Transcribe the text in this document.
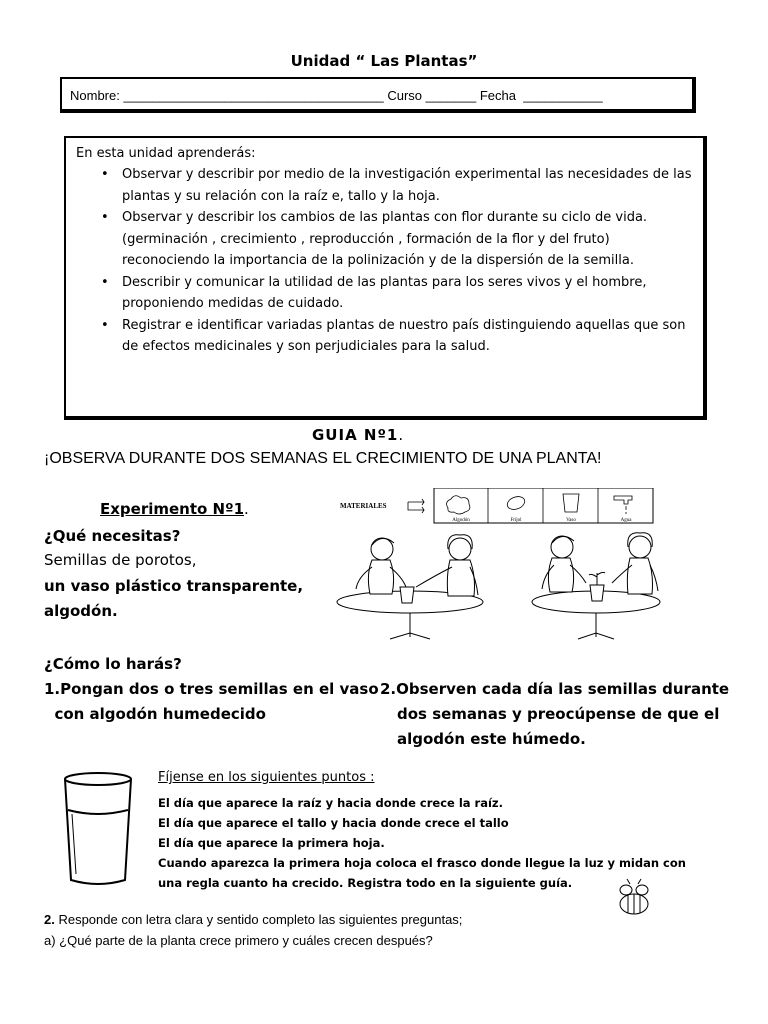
Unidad “ Las Plantas”
Nombre: ____________________________________ Curso _______ Fecha  ___________
En esta unidad aprenderás:
• Observar y describir por medio de la investigación experimental las necesidades de las plantas y su relación con la raíz e, tallo y la hoja.
• Observar y describir los cambios de las plantas con flor durante su ciclo de vida. (germinación , crecimiento , reproducción , formación de la flor y del fruto) reconociendo la importancia de la polinización y de la dispersión de la semilla.
• Describir y comunicar la utilidad de las plantas para los seres vivos y el hombre, proponiendo medidas de cuidado.
• Registrar e identificar variadas plantas de nuestro país distinguiendo aquellas que son de efectos medicinales y son perjudiciales para la salud.
GUIA Nº1.
¡OBSERVA DURANTE DOS SEMANAS EL CRECIMIENTO DE UNA PLANTA!
Experimento Nº1.
¿Qué necesitas?
Semillas de porotos,
un vaso plástico transparente,
algodón.
¿Cómo lo harás?
1.Pongan dos o tres semillas en el vaso
con algodón humedecido
2.Observen cada día las semillas durante
dos semanas y preocúpense de que el
algodón este húmedo.
MATERIALES
Algodón	Fríjol	Vaso	Agua
Fíjense en los siguientes puntos :
El día que aparece la raíz y hacia donde crece la raíz.
El día que aparece el tallo y hacia donde crece el tallo
El día que aparece la primera hoja.
Cuando aparezca la primera hoja coloca el frasco donde llegue la luz y midan con
una regla cuanto ha crecido. Registra todo en la siguiente guía.
2. Responde con letra clara y sentido completo las siguientes preguntas;
a) ¿Qué parte de la planta crece primero y cuáles crecen después?
